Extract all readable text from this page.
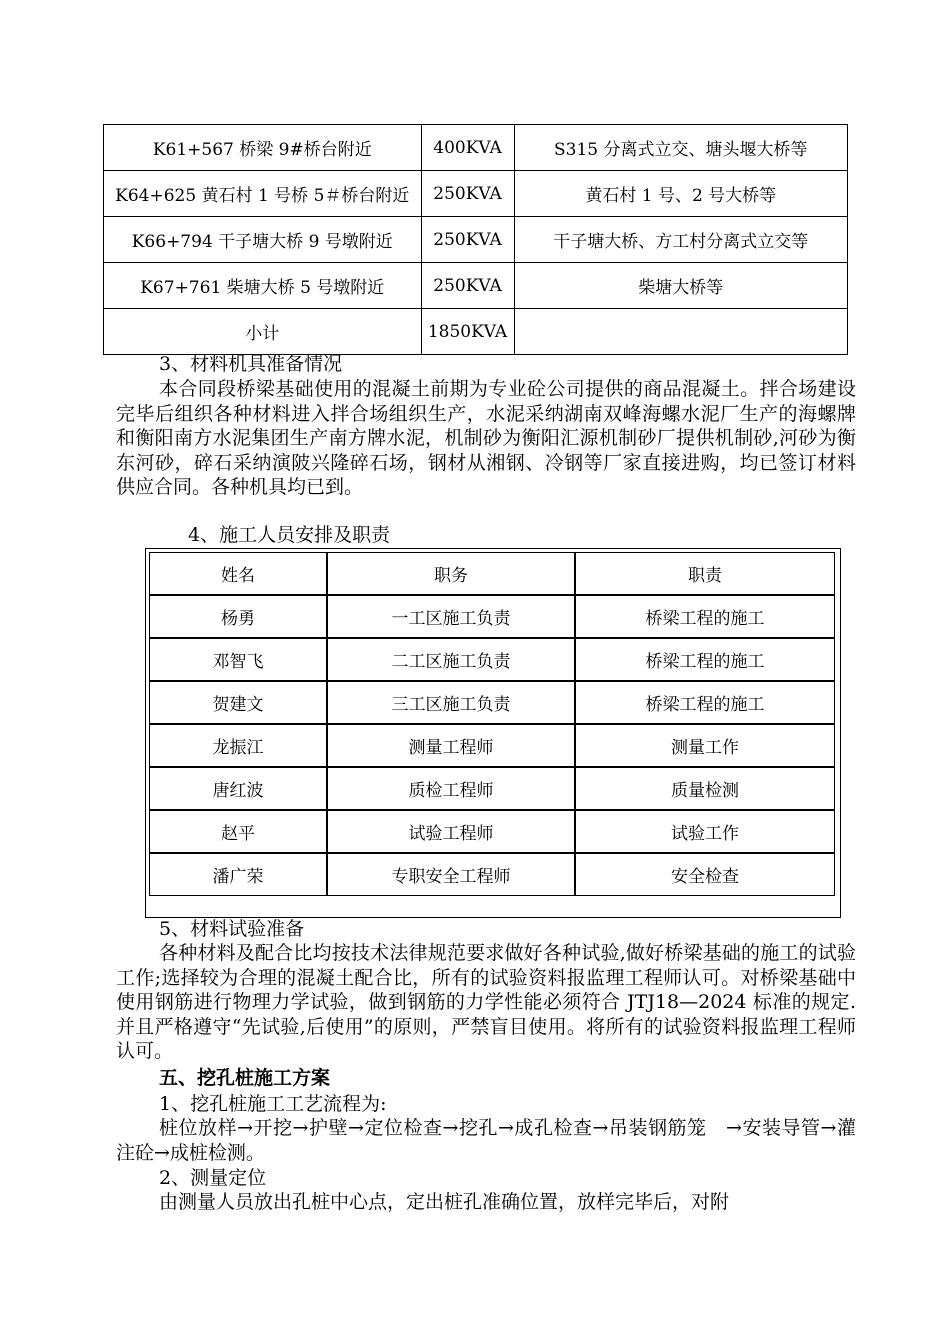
K61+567 桥梁 9#桥台附近	400KVA	S315 分离式立交、塘头堰大桥等
K64+625 黄石村 1 号桥 5＃桥台附近	250KVA	黄石村 1 号、2 号大桥等
K66+794 干子塘大桥 9 号墩附近	250KVA	干子塘大桥、方工村分离式立交等
K67+761 柴塘大桥 5 号墩附近	250KVA	柴塘大桥等
小计	1850KVA	

3、材料机具准备情况

本合同段桥梁基础使用的混凝土前期为专业砼公司提供的商品混凝土。拌合场建设完毕后组织各种材料进入拌合场组织生产，水泥采纳湖南双峰海螺水泥厂生产的海螺牌和衡阳南方水泥集团生产南方牌水泥，机制砂为衡阳汇源机制砂厂提供机制砂,河砂为衡东河砂，碎石采纳演陂兴隆碎石场，钢材从湘钢、冷钢等厂家直接进购，均已签订材料供应合同。各种机具均已到。

4、施工人员安排及职责

姓名	职务	职责
杨勇	一工区施工负责	桥梁工程的施工
邓智飞	二工区施工负责	桥梁工程的施工
贺建文	三工区施工负责	桥梁工程的施工
龙振江	测量工程师	测量工作
唐红波	质检工程师	质量检测
赵平	试验工程师	试验工作
潘广荣	专职安全工程师	安全检查

5、材料试验准备

各种材料及配合比均按技术法律规范要求做好各种试验,做好桥梁基础的施工的试验工作;选择较为合理的混凝土配合比，所有的试验资料报监理工程师认可。对桥梁基础中使用钢筋进行物理力学试验，做到钢筋的力学性能必须符合 JTJ18—2024 标准的规定.并且严格遵守“先试验,后使用”的原则，严禁盲目使用。将所有的试验资料报监理工程师认可。

五、挖孔桩施工方案

1、挖孔桩施工工艺流程为:

桩位放样→开挖→护壁→定位检查→挖孔→成孔检查→吊装钢筋笼　→安装导管→灌注砼→成桩检测。

2、测量定位

由测量人员放出孔桩中心点，定出桩孔准确位置，放样完毕后，对附
